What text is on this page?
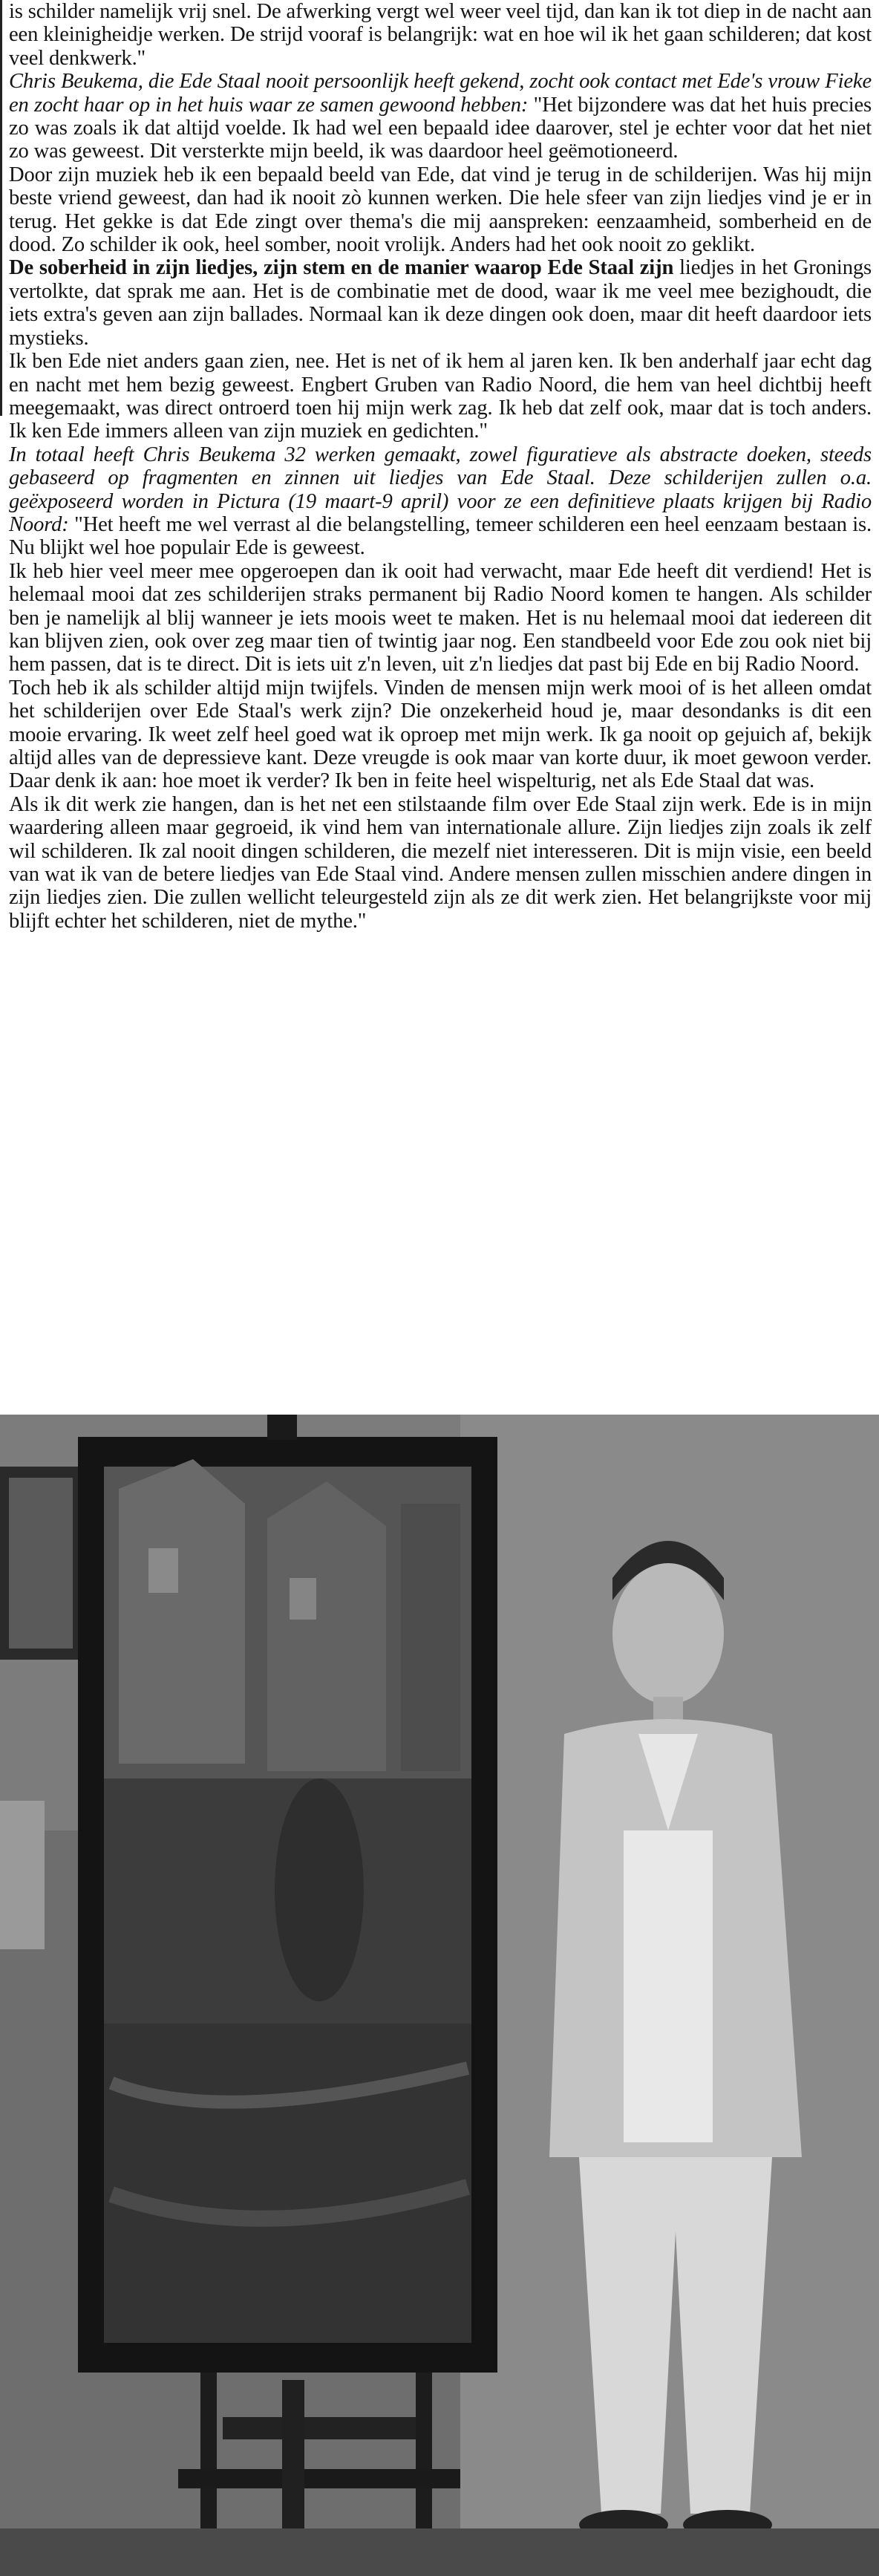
is schilder namelijk vrij snel. De afwerking vergt wel weer veel tijd, dan kan ik tot diep in de nacht aan een kleinigheidje werken. De strijd vooraf is belangrijk: wat en hoe wil ik het gaan schilderen; dat kost veel denkwerk."

Chris Beukema, die Ede Staal nooit persoonlijk heeft gekend, zocht ook contact met Ede's vrouw Fieke en zocht haar op in het huis waar ze samen gewoond hebben: "Het bijzondere was dat het huis precies zo was zoals ik dat altijd voelde. Ik had wel een bepaald idee daarover, stel je echter voor dat het niet zo was geweest. Dit versterkte mijn beeld, ik was daardoor heel geëmotioneerd.

Door zijn muziek heb ik een bepaald beeld van Ede, dat vind je terug in de schilderijen. Was hij mijn beste vriend geweest, dan had ik nooit zò kunnen werken. Die hele sfeer van zijn liedjes vind je er in terug. Het gekke is dat Ede zingt over thema's die mij aanspreken: eenzaamheid, somberheid en de dood. Zo schilder ik ook, heel somber, nooit vrolijk. Anders had het ook nooit zo geklikt.

De soberheid in zijn liedjes, zijn stem en de manier waarop Ede Staal zijn liedjes in het Gronings vertolkte, dat sprak me aan. Het is de combinatie met de dood, waar ik me veel mee bezighoudt, die iets extra's geven aan zijn ballades. Normaal kan ik deze dingen ook doen, maar dit heeft daardoor iets mystieks.

Ik ben Ede niet anders gaan zien, nee. Het is net of ik hem al jaren ken. Ik ben anderhalf jaar echt dag en nacht met hem bezig geweest. Engbert Gruben van Radio Noord, die hem van heel dichtbij heeft meegemaakt, was direct ontroerd toen hij mijn werk zag. Ik heb dat zelf ook, maar dat is toch anders. Ik ken Ede immers alleen van zijn muziek en gedichten."

In totaal heeft Chris Beukema 32 werken gemaakt, zowel figuratieve als abstracte doeken, steeds gebaseerd op fragmenten en zinnen uit liedjes van Ede Staal. Deze schilderijen zullen o.a. geëxposeerd worden in Pictura (19 maart-9 april) voor ze een definitieve plaats krijgen bij Radio Noord: "Het heeft me wel verrast al die belangstelling, temeer schilderen een heel eenzaam bestaan is. Nu blijkt wel hoe populair Ede is geweest.

Ik heb hier veel meer mee opgeroepen dan ik ooit had verwacht, maar Ede heeft dit verdiend! Het is helemaal mooi dat zes schilderijen straks permanent bij Radio Noord komen te hangen. Als schilder ben je namelijk al blij wanneer je iets moois weet te maken. Het is nu helemaal mooi dat iedereen dit kan blijven zien, ook over zeg maar tien of twintig jaar nog. Een standbeeld voor Ede zou ook niet bij hem passen, dat is te direct. Dit is iets uit z'n leven, uit z'n liedjes dat past bij Ede en bij Radio Noord.

Toch heb ik als schilder altijd mijn twijfels. Vinden de mensen mijn werk mooi of is het alleen omdat het schilderijen over Ede Staal's werk zijn? Die onzekerheid houd je, maar desondanks is dit een mooie ervaring. Ik weet zelf heel goed wat ik oproep met mijn werk. Ik ga nooit op gejuich af, bekijk altijd alles van de depressieve kant. Deze vreugde is ook maar van korte duur, ik moet gewoon verder. Daar denk ik aan: hoe moet ik verder? Ik ben in feite heel wispelturig, net als Ede Staal dat was.

Als ik dit werk zie hangen, dan is het net een stilstaande film over Ede Staal zijn werk. Ede is in mijn waardering alleen maar gegroeid, ik vind hem van internationale allure. Zijn liedjes zijn zoals ik zelf wil schilderen. Ik zal nooit dingen schilderen, die mezelf niet interesseren. Dit is mijn visie, een beeld van wat ik van de betere liedjes van Ede Staal vind. Andere mensen zullen misschien andere dingen in zijn liedjes zien. Die zullen wellicht teleurgesteld zijn als ze dit werk zien. Het belangrijkste voor mij blijft echter het schilderen, niet de mythe."
